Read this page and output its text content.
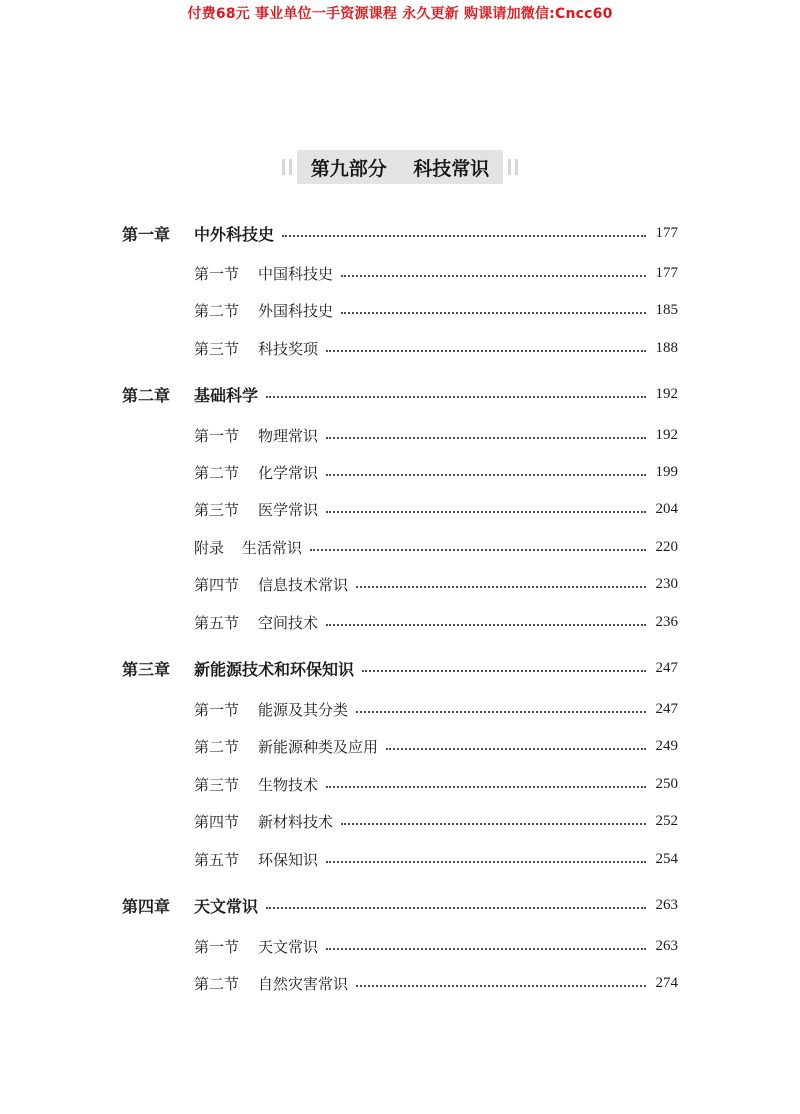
付费68元 事业单位一手资源课程 永久更新 购课请加微信:Cncc60
第九部分    科技常识
第一章 中外科技史	177
第一节 中国科技史	177
第二节 外国科技史	185
第三节 科技奖项	188
第二章 基础科学	192
第一节 物理常识	192
第二节 化学常识	199
第三节 医学常识	204
附录 生活常识	220
第四节 信息技术常识	230
第五节 空间技术	236
第三章 新能源技术和环保知识	247
第一节 能源及其分类	247
第二节 新能源种类及应用	249
第三节 生物技术	250
第四节 新材料技术	252
第五节 环保知识	254
第四章 天文常识	263
第一节 天文常识	263
第二节 自然灾害常识	274
